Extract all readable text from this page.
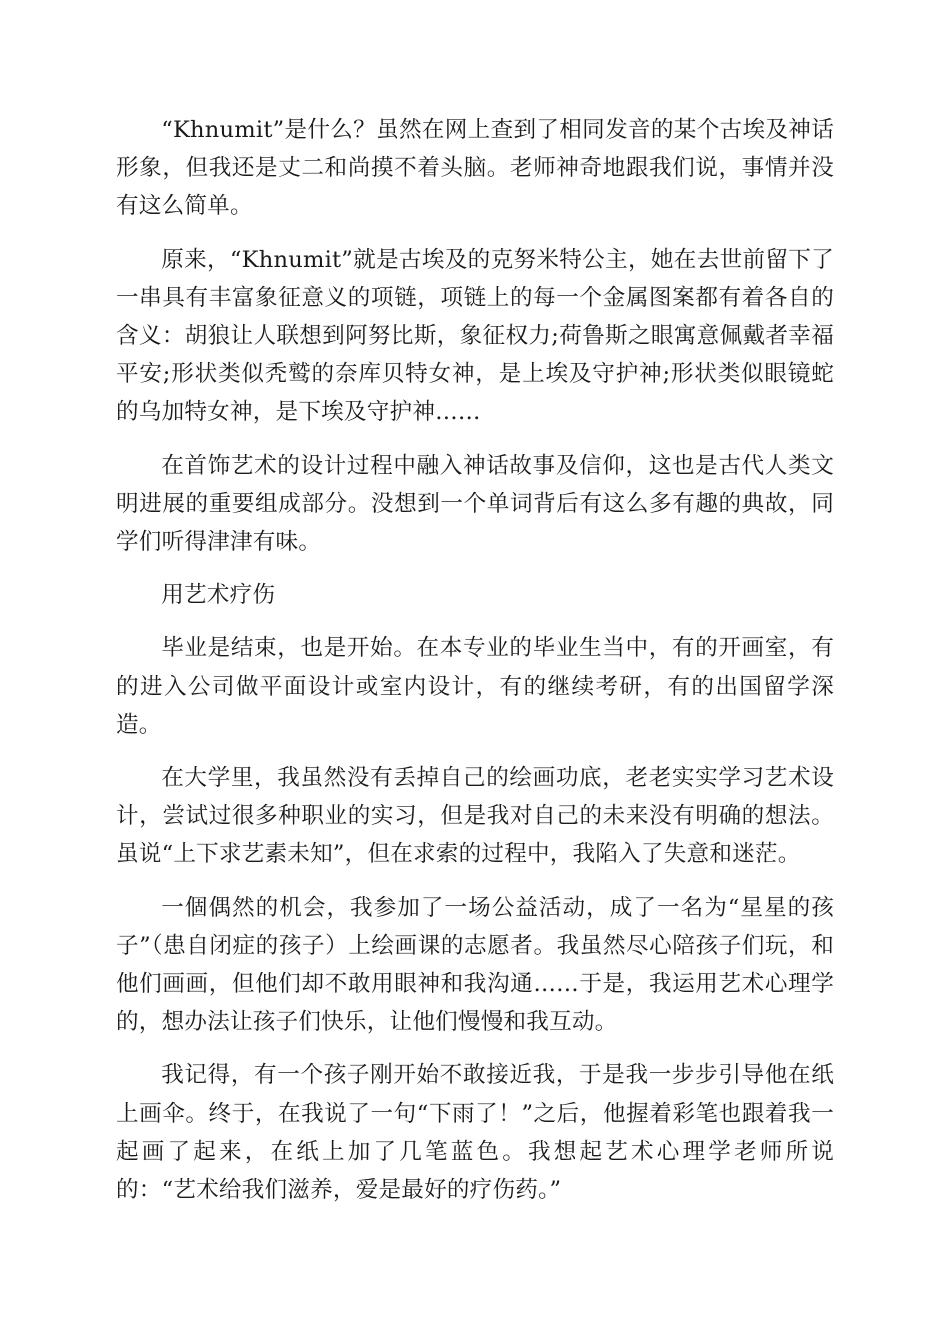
“Khnumit”是什么？虽然在网上查到了相同发音的某个古埃及神话形象，但我还是丈二和尚摸不着头脑。老师神奇地跟我们说，事情并没有这么简单。

原来，“Khnumit”就是古埃及的克努米特公主，她在去世前留下了一串具有丰富象征意义的项链，项链上的每一个金属图案都有着各自的含义：胡狼让人联想到阿努比斯，象征权力;荷鲁斯之眼寓意佩戴者幸福平安;形状类似秃鹫的奈库贝特女神，是上埃及守护神;形状类似眼镜蛇的乌加特女神，是下埃及守护神……

在首饰艺术的设计过程中融入神话故事及信仰，这也是古代人类文明进展的重要组成部分。没想到一个单词背后有这么多有趣的典故，同学们听得津津有味。

用艺术疗伤

毕业是结束，也是开始。在本专业的毕业生当中，有的开画室，有的进入公司做平面设计或室内设计，有的继续考研，有的出国留学深造。

在大学里，我虽然没有丢掉自己的绘画功底，老老实实学习艺术设计，尝试过很多种职业的实习，但是我对自己的未来没有明确的想法。虽说“上下求艺素未知”，但在求索的过程中，我陷入了失意和迷茫。

一個偶然的机会，我参加了一场公益活动，成了一名为“星星的孩子”（患自闭症的孩子）上绘画课的志愿者。我虽然尽心陪孩子们玩，和他们画画，但他们却不敢用眼神和我沟通……于是，我运用艺术心理学的，想办法让孩子们快乐，让他们慢慢和我互动。

我记得，有一个孩子刚开始不敢接近我，于是我一步步引导他在纸上画伞。终于，在我说了一句“下雨了！”之后，他握着彩笔也跟着我一起画了起来，在纸上加了几笔蓝色。我想起艺术心理学老师所说的：“艺术给我们滋养，爱是最好的疗伤药。”
